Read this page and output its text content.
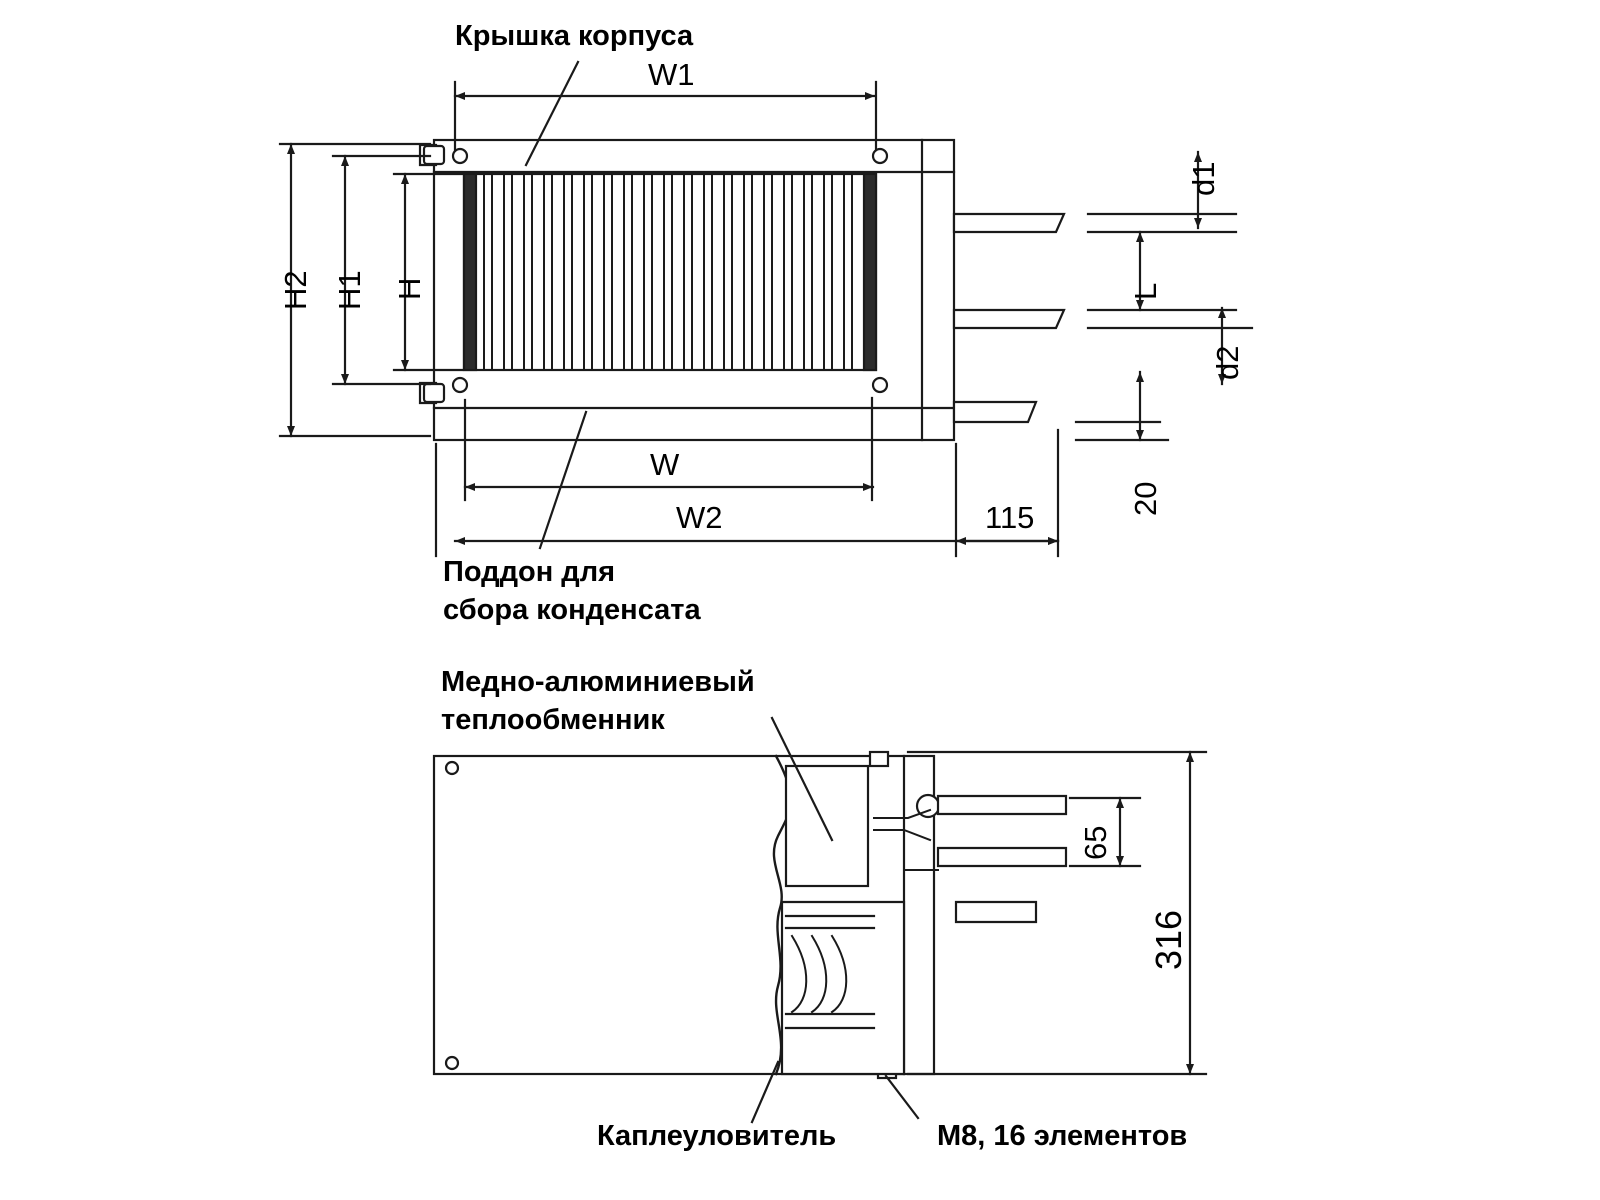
Крышка корпуса
Поддон для
сбора конденсата
Медно-алюминиевый
теплообменник
Каплеуловитель	M8, 16 элементов
W1
H2 H1 H
W
W2
d1
L
d2
115
20
65
316
